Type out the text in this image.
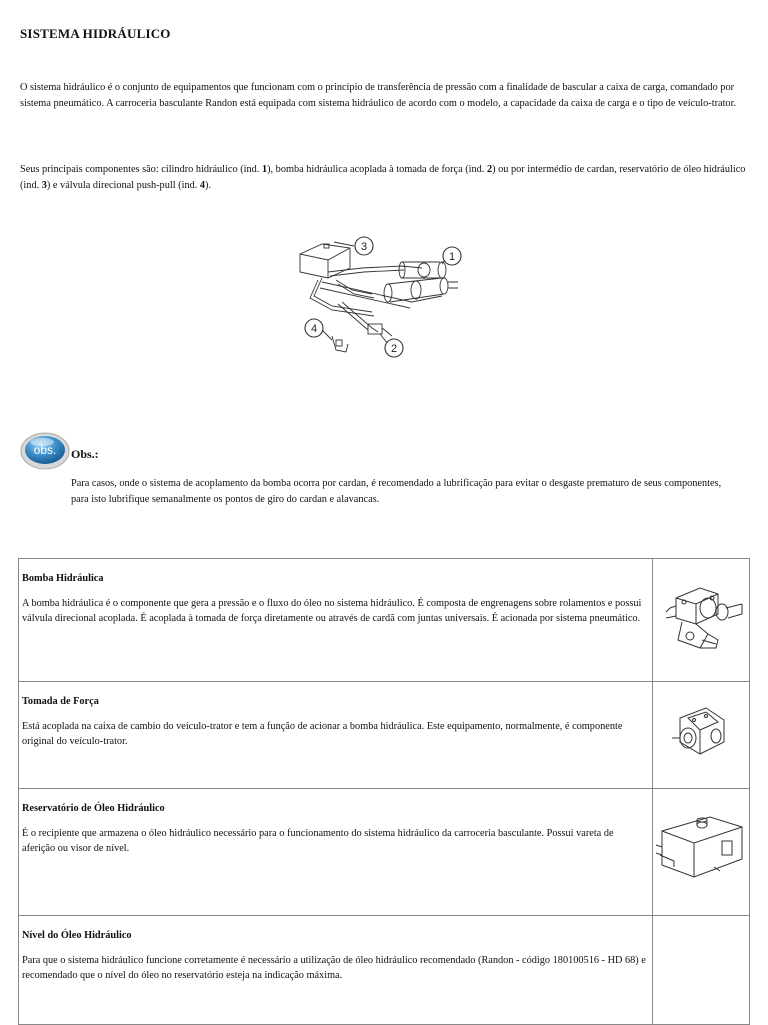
SISTEMA HIDRÁULICO
O sistema hidráulico é o conjunto de equipamentos que funcionam com o princípio de transferência de pressão com a finalidade de bascular a caixa de carga, comandado por sistema pneumático. A carroceria basculante Randon está equipada com sistema hidráulico de acordo com o modelo, a capacidade da caixa de carga e o tipo de veículo-trator.
Seus principais componentes são: cilindro hidráulico (ind. 1), bomba hidráulica acoplada à tomada de força (ind. 2) ou por intermédio de cardan, reservatório de óleo hidráulico (ind. 3) e válvula direcional push-pull (ind. 4).
3
1
2
4
obs. Obs.:
Para casos, onde o sistema de acoplamento da bomba ocorra por cardan, é recomendado a lubrificação para evitar o desgaste prematuro de seus componentes, para isto lubrifique semanalmente os pontos de giro do cardan e alavancas.

Bomba Hidráulica

A bomba hidráulica é o componente que gera a pressão e o fluxo do óleo no sistema hidráulico. É composta de engrenagens sobre rolamentos e possui válvula direcional acoplada. É acoplada à tomada de força diretamente ou através de cardã com juntas universais. É acionada por sistema pneumático.

Tomada de Força

Está acoplada na caixa de cambio do veículo-trator e tem a função de acionar a bomba hidráulica. Este equipamento, normalmente, é componente original do veículo-trator.

Reservatório de Óleo Hidráulico

É o recipiente que armazena o óleo hidráulico necessário para o funcionamento do sistema hidráulico da carroceria basculante. Possui vareta de aferição ou visor de nível.

Nível do Óleo Hidráulico

Para que o sistema hidráulico funcione corretamente é necessário a utilização de óleo hidráulico recomendado (Randon - código 180100516 - HD 68) e recomendado que o nível do óleo no reservatório esteja na indicação máxima.	
